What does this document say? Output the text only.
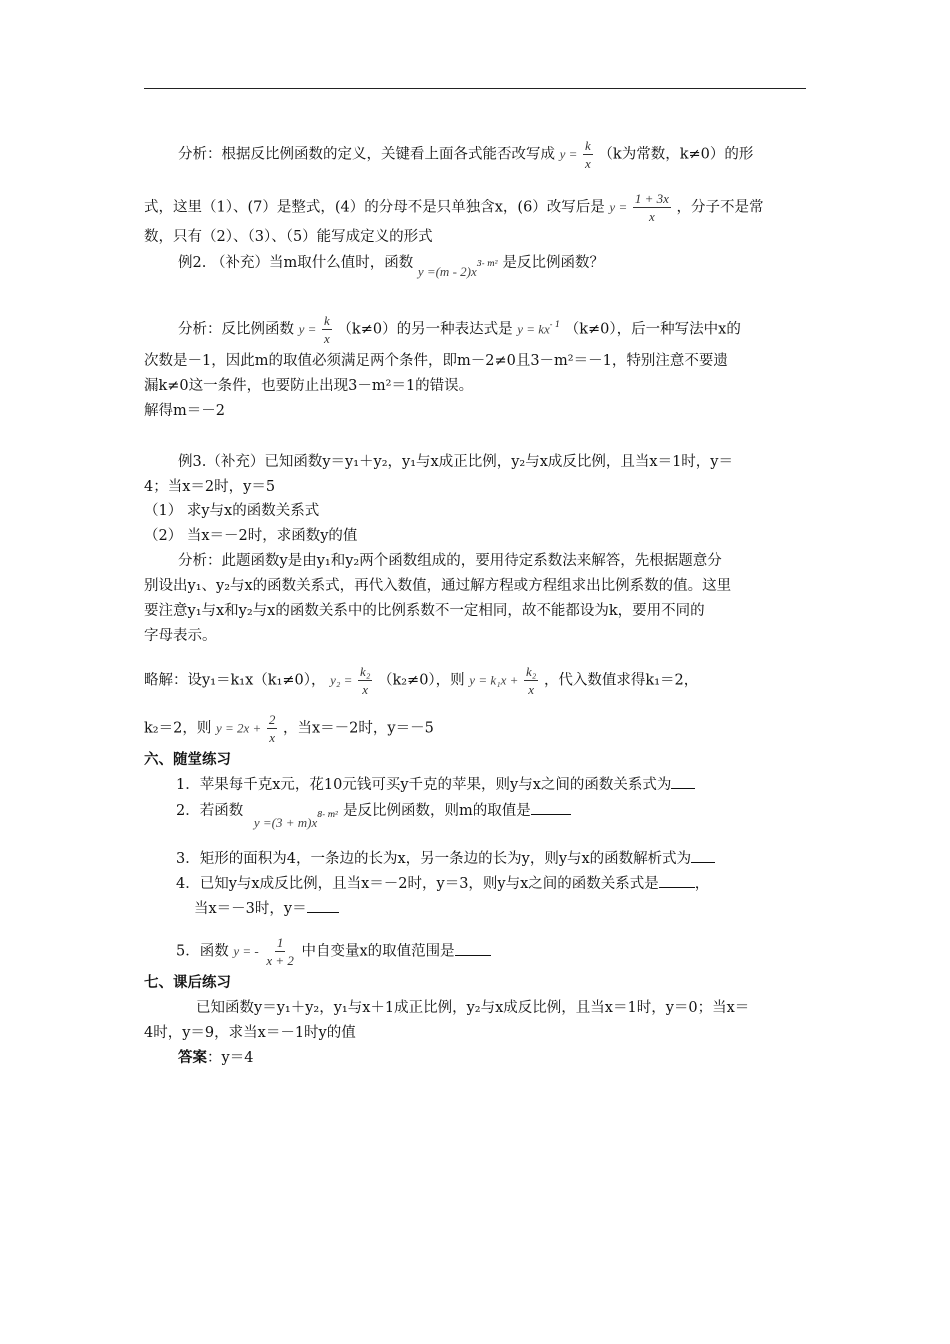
分析：根据反比例函数的定义，关键看上面各式能否改写成 $y = \frac{k}{x} (k$为常数，k≠0）的形
式，这里（1）、(7）是整式，(4）的分母不是只单独含x，(6）改写后是 $y = \frac{1 + 3x}{x}$ ，分子不是常
数，只有（2）、（3）、（5）能写成定义的形式
例2. （补充）当m取什么值时，函数 y =(m - 2)x3- m² 是反比例函数？
分析：反比例函数 $y = \frac{k}{x} (k\ne 0)$的另一种表达式是 $y = kx^{- 1}$ （k≠0），后一种写法中x的
次数是－1，因此m的取值必须满足两个条件，即m－2≠0且3－m²＝－1，特别注意不要遗
漏k≠0这一条件，也要防止出现3－m²＝1的错误。
解得m＝－2
例3.（补充）已知函数y＝y₁＋y₂，y₁与x成正比例，y₂与x成反比例，且当x＝1时，y＝
4；当x＝2时，y＝5
（1） 求y与x的函数关系式
（2） 当x＝－2时，求函数y的值
分析：此题函数y是由y₁和y₂两个函数组成的，要用待定系数法来解答，先根据题意分
别设出y₁、y₂与x的函数关系式，再代入数值，通过解方程或方程组求出比例系数的值。这里
要注意y₁与x和y₂与x的函数关系中的比例系数不一定相同，故不能都设为k，要用不同的
字母表示。
略解：设y₁＝k₁x（k₁≠0）， $y_2 = \frac{\text{k₂}}{x} (k_2\ne 0)$，则 $y = k_1x + \frac{\text{k₂}}{x}$ ，代入数值求得k₁＝2，
k₂＝2，则 $y = 2x + \frac{2}{x}$ ，当x＝－2时，y＝－5
六、随堂练习
1．苹果每千克x元，花10元钱可买y千克的苹果，则y与x之间的函数关系式为
2．若函数 y =(3 + m)x8- m² 是反比例函数，则m的取值是
3．矩形的面积为4，一条边的长为x，另一条边的长为y，则y与x的函数解析式为
4．已知y与x成反比例，且当x＝－2时，y＝3，则y与x之间的函数关系式是 ，
当x＝－3时，y＝
5．函数 y = - $\frac{1}{x + 2}$ 中自变量x的取值范围是
七、课后练习
已知函数y＝y₁＋y₂，y₁与x＋1成正比例，y₂与x成反比例，且当x＝1时，y＝0；当x＝
4时，y＝9，求当x＝－1时y的值
答案：y＝4
